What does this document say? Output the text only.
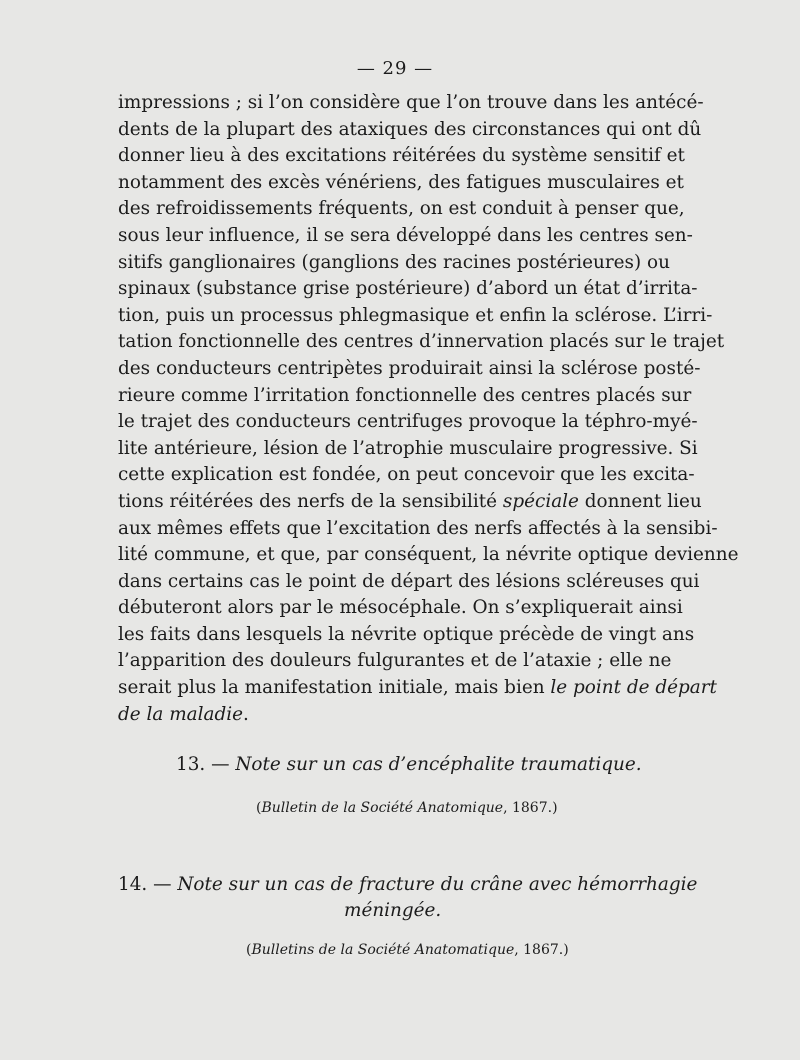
— 29 —
impressions ; si l’on considère que l’on trouve dans les antécé-
dents de la plupart des ataxiques des circonstances qui ont dû
donner lieu à des excitations réitérées du système sensitif et
notamment des excès vénériens, des fatigues musculaires et
des refroidissements fréquents, on est conduit à penser que,
sous leur influence, il se sera développé dans les centres sen-
sitifs ganglionaires (ganglions des racines postérieures) ou
spinaux (substance grise postérieure) d’abord un état d’irrita-
tion, puis un processus phlegmasique et enfin la sclérose. L’irri-
tation fonctionnelle des centres d’innervation placés sur le trajet
des conducteurs centripètes produirait ainsi la sclérose posté-
rieure comme l’irritation fonctionnelle des centres placés sur
le trajet des conducteurs centrifuges provoque la téphro-myé-
lite antérieure, lésion de l’atrophie musculaire progressive. Si
cette explication est fondée, on peut concevoir que les excita-
tions réitérées des nerfs de la sensibilité spéciale donnent lieu
aux mêmes effets que l’excitation des nerfs affectés à la sensibi-
lité commune, et que, par conséquent, la névrite optique devienne
dans certains cas le point de départ des lésions scléreuses qui
débuteront alors par le mésocéphale. On s’expliquerait ainsi
les faits dans lesquels la névrite optique précède de vingt ans
l’apparition des douleurs fulgurantes et de l’ataxie ; elle ne
serait plus la manifestation initiale, mais bien le point de départ
de la maladie.
13. — Note sur un cas d’encéphalite traumatique.
(Bulletin de la Société Anatomique, 1867.)
14. — Note sur un cas de fracture du crâne avec hémorrhagie
méningée.
(Bulletins de la Société Anatomatique, 1867.)
